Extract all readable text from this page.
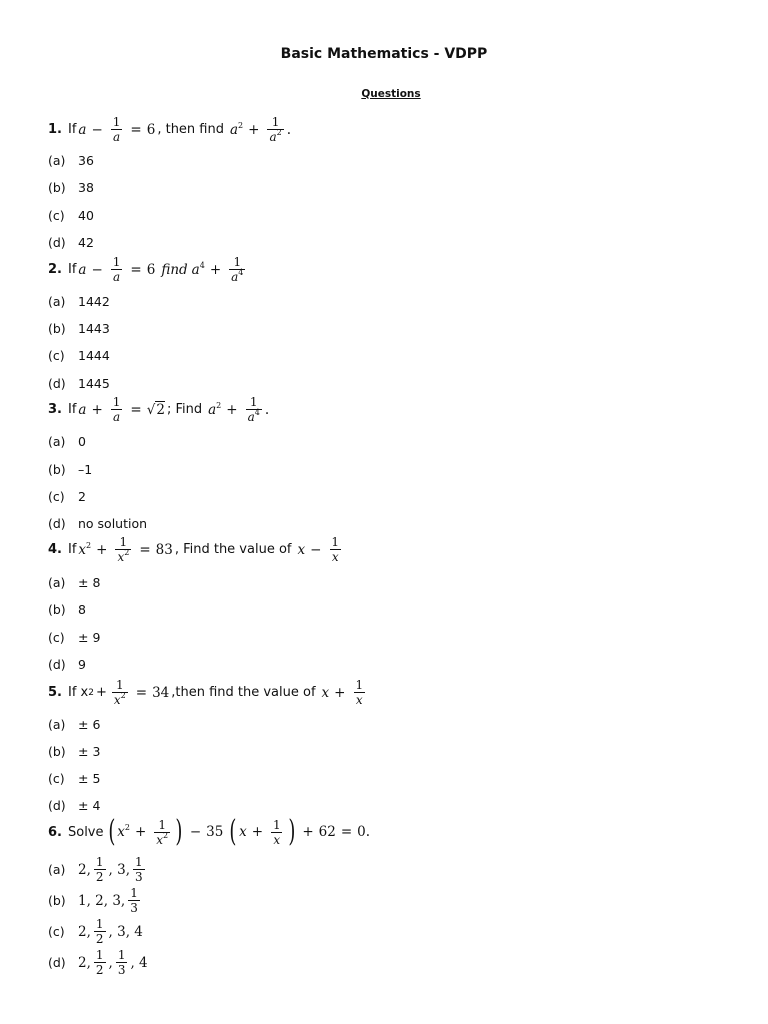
Basic Mathematics - VDPP
Questions
1. If $a - \frac{1}{a} = 6$ , then find $a^2 + \frac{1}{a^2}$ .
(a)	36
(b) 38
(c)	40
(d) 42
2. If $a - \frac{1}{a} = 6$ find $a^4 + \frac{1}{a^4}$
(a)	1442
(b) 1443
(c)	1444
(d) 1445
3. If $a + \frac{1}{a} = √2$ ; Find $a^2 + \frac{1}{a^4}$ .
(a)	0
(b) –1
(c)	2
(d) no solution
4. If $x^2 + \frac{1}{x^2} = 83$ , Find the value of $x - \frac{1}{x}$
(a)	± 8
(b) 8
(c)	± 9
(d) 9
5. If x $2 + \frac{1}{x^2} = 34$ ,then find the value of $x + \frac{1}{x}$
(a)	± 6
(b) ± 3
(c)	± 5
(d) ± 4
6. Solve ( $x^2 + \frac{1}{x^2}$ ) − 35 ( $x + \frac{1}{x}$ ) + 62 = 0.
(a) 2, $\frac{1}{2}$ , 3, $\frac{1}{3}$
(b) 1, 2, 3, $\frac{1}{3}$
(c) 2, $\frac{1}{2}$ , 3, 4
(d) 2, $\frac{1}{2}$ , $\frac{1}{3}$ , 4
